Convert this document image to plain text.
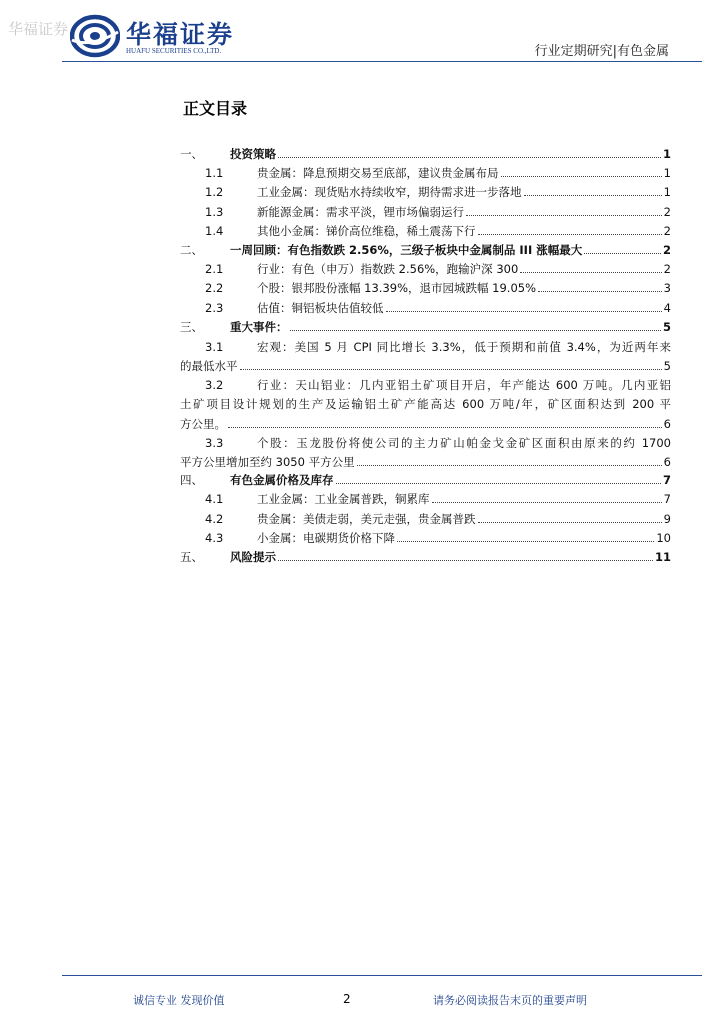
华福证券 华福证券
HUAFU SECURITIES CO.,LTD.	行业定期研究|有色金属
正文目录
一、	投资策略	1
1.1	贵金属：降息预期交易至底部，建议贵金属布局	1
1.2	工业金属：现货贴水持续收窄，期待需求进一步落地	1
1.3	新能源金属：需求平淡，锂市场偏弱运行	2
1.4	其他小金属：锑价高位维稳，稀土震荡下行	2
二、	一周回顾：有色指数跌 2.56%，三级子板块中金属制品 III 涨幅最大	2
2.1	行业：有色（申万）指数跌 2.56%，跑输沪深 300	2
2.2	个股：银邦股份涨幅 13.39%，退市园城跌幅 19.05%	3
2.3	估值：铜铝板块估值较低	4
三、	重大事件：	5
3.1	宏观：美国 5 月 CPI 同比增长 3.3%，低于预期和前值 3.4%，为近两年来
的最低水平	5
3.2	行业：天山铝业：几内亚铝土矿项目开启，年产能达 600 万吨。几内亚铝
土矿项目设计规划的生产及运输铝土矿产能高达 600 万吨/年，矿区面积达到 200 平
方公里。	6
3.3	个股：玉龙股份将使公司的主力矿山帕金戈金矿区面积由原来的约 1700
平方公里增加至约 3050 平方公里	6
四、	有色金属价格及库存	7
4.1	工业金属：工业金属普跌，铜累库	7
4.2	贵金属：美债走弱，美元走强，贵金属普跌	9
4.3	小金属：电碳期货价格下降	10
五、	风险提示	11
诚信专业 发现价值	2	请务必阅读报告末页的重要声明
